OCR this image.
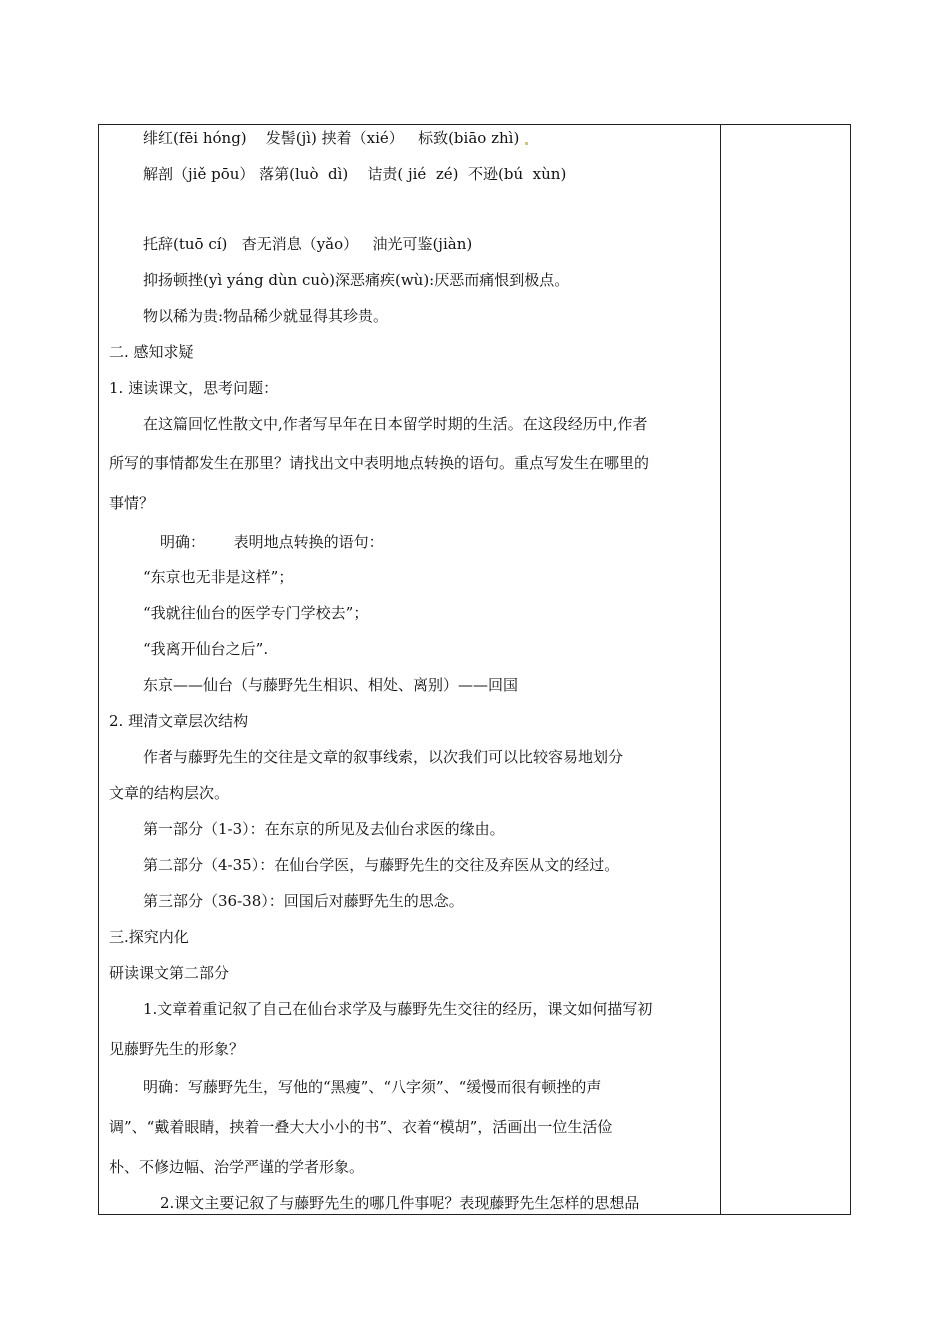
绯红(fēi hóng)    发髻(jì) 挟着（xié）   标致(biāo zhì)
解剖（jiě pōu） 落第(luò  dì)    诘责( jié  zé)  不逊(bú  xùn)
托辞(tuō cí)   杳无消息（yǎo）   油光可鉴(jiàn)
抑扬顿挫(yì yáng dùn cuò)深恶痛疾(wù):厌恶而痛恨到极点。
物以稀为贵:物品稀少就显得其珍贵。
二. 感知求疑
1. 速读课文，思考问题：
在这篇回忆性散文中,作者写早年在日本留学时期的生活。在这段经历中,作者
所写的事情都发生在那里？请找出文中表明地点转换的语句。重点写发生在哪里的
事情？
明确：      表明地点转换的语句：
“东京也无非是这样”；
“我就往仙台的医学专门学校去”；
“我离开仙台之后”.
东京——仙台（与藤野先生相识、相处、离别）——回国
2. 理清文章层次结构
作者与藤野先生的交往是文章的叙事线索，以次我们可以比较容易地划分
文章的结构层次。
第一部分（1-3）：在东京的所见及去仙台求医的缘由。
第二部分（4-35）：在仙台学医，与藤野先生的交往及弃医从文的经过。
第三部分（36-38）：回国后对藤野先生的思念。
三.探究内化
研读课文第二部分
1.文章着重记叙了自己在仙台求学及与藤野先生交往的经历，课文如何描写初
见藤野先生的形象？
明确：写藤野先生，写他的“黑瘦”、“八字须”、“缓慢而很有顿挫的声
调”、“戴着眼睛，挟着一叠大大小小的书”、衣着“模胡”，活画出一位生活俭
朴、不修边幅、治学严谨的学者形象。
2.课文主要记叙了与藤野先生的哪几件事呢？表现藤野先生怎样的思想品
